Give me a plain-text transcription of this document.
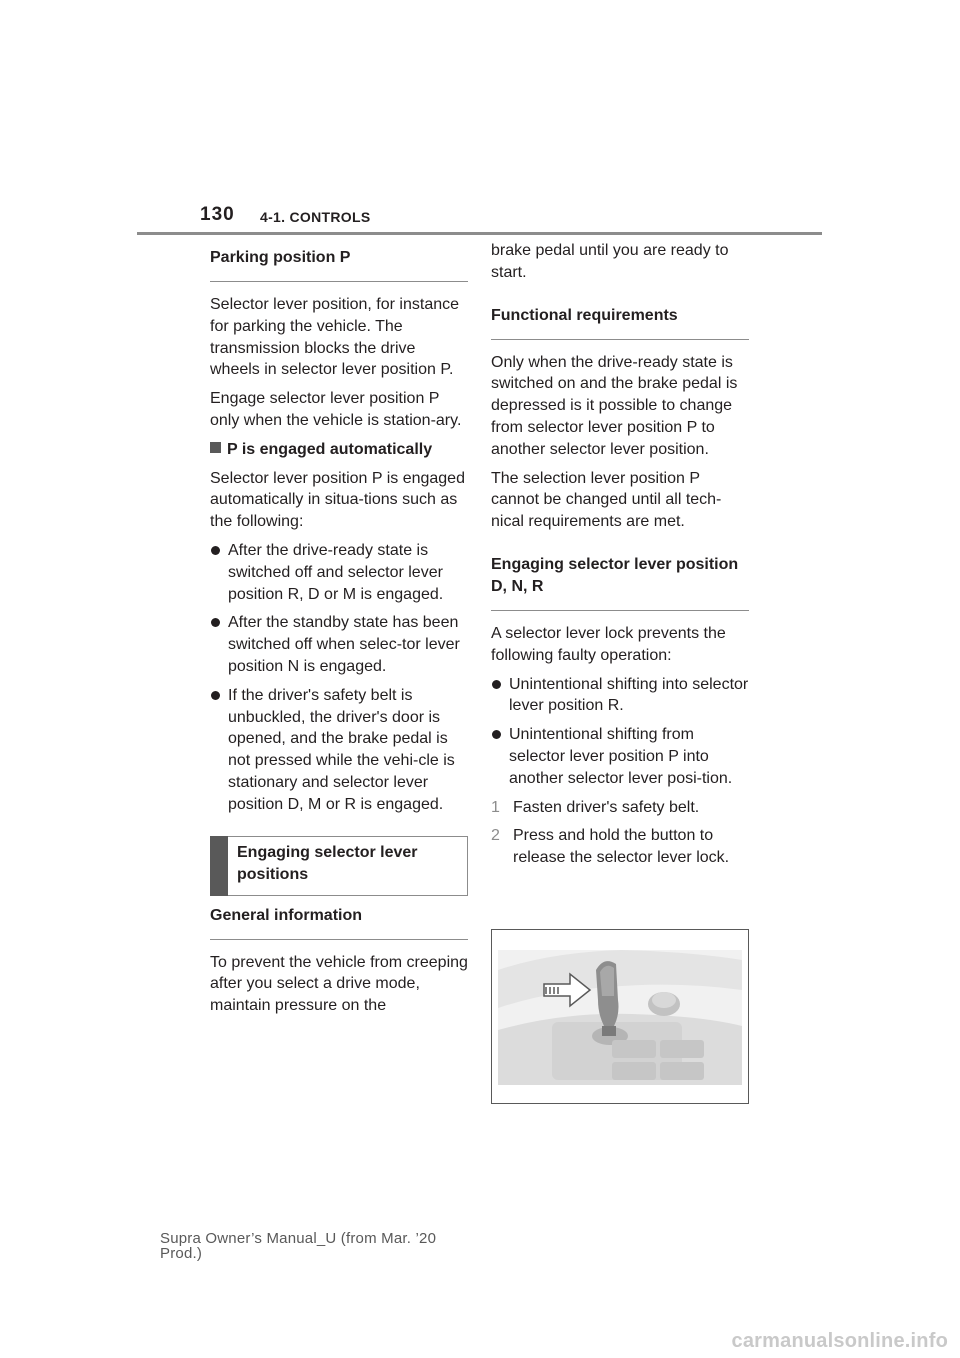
130 4-1. CONTROLS
Parking position P

Selector lever position, for instance for parking the vehicle. The transmission blocks the drive wheels in selector lever position P.

Engage selector lever position P only when the vehicle is station-ary.

P is engaged automatically

Selector lever position P is engaged automatically in situa-tions such as the following:

After the drive-ready state is switched off and selector lever position R, D or M is engaged.
After the standby state has been switched off when selec-tor lever position N is engaged.
If the driver's safety belt is unbuckled, the driver's door is opened, and the brake pedal is not pressed while the vehi-cle is stationary and selector lever position D, M or R is engaged.
Engaging selector lever positions
General information

To prevent the vehicle from creeping after you select a drive mode, maintain pressure on the

brake pedal until you are ready to start.

Functional requirements

Only when the drive-ready state is switched on and the brake pedal is depressed is it possible to change from selector lever position P to another selector lever position.

The selection lever position P cannot be changed until all tech-nical requirements are met.

Engaging selector lever position D, N, R

A selector lever lock prevents the following faulty operation:

Unintentional shifting into selector lever position R.
Unintentional shifting from selector lever position P into another selector lever posi-tion.
1 Fasten driver's safety belt.
2 Press and hold the button to release the selector lever lock.
Supra Owner’s Manual_U (from Mar. ’20
Prod.)
carmanualsonline.info
